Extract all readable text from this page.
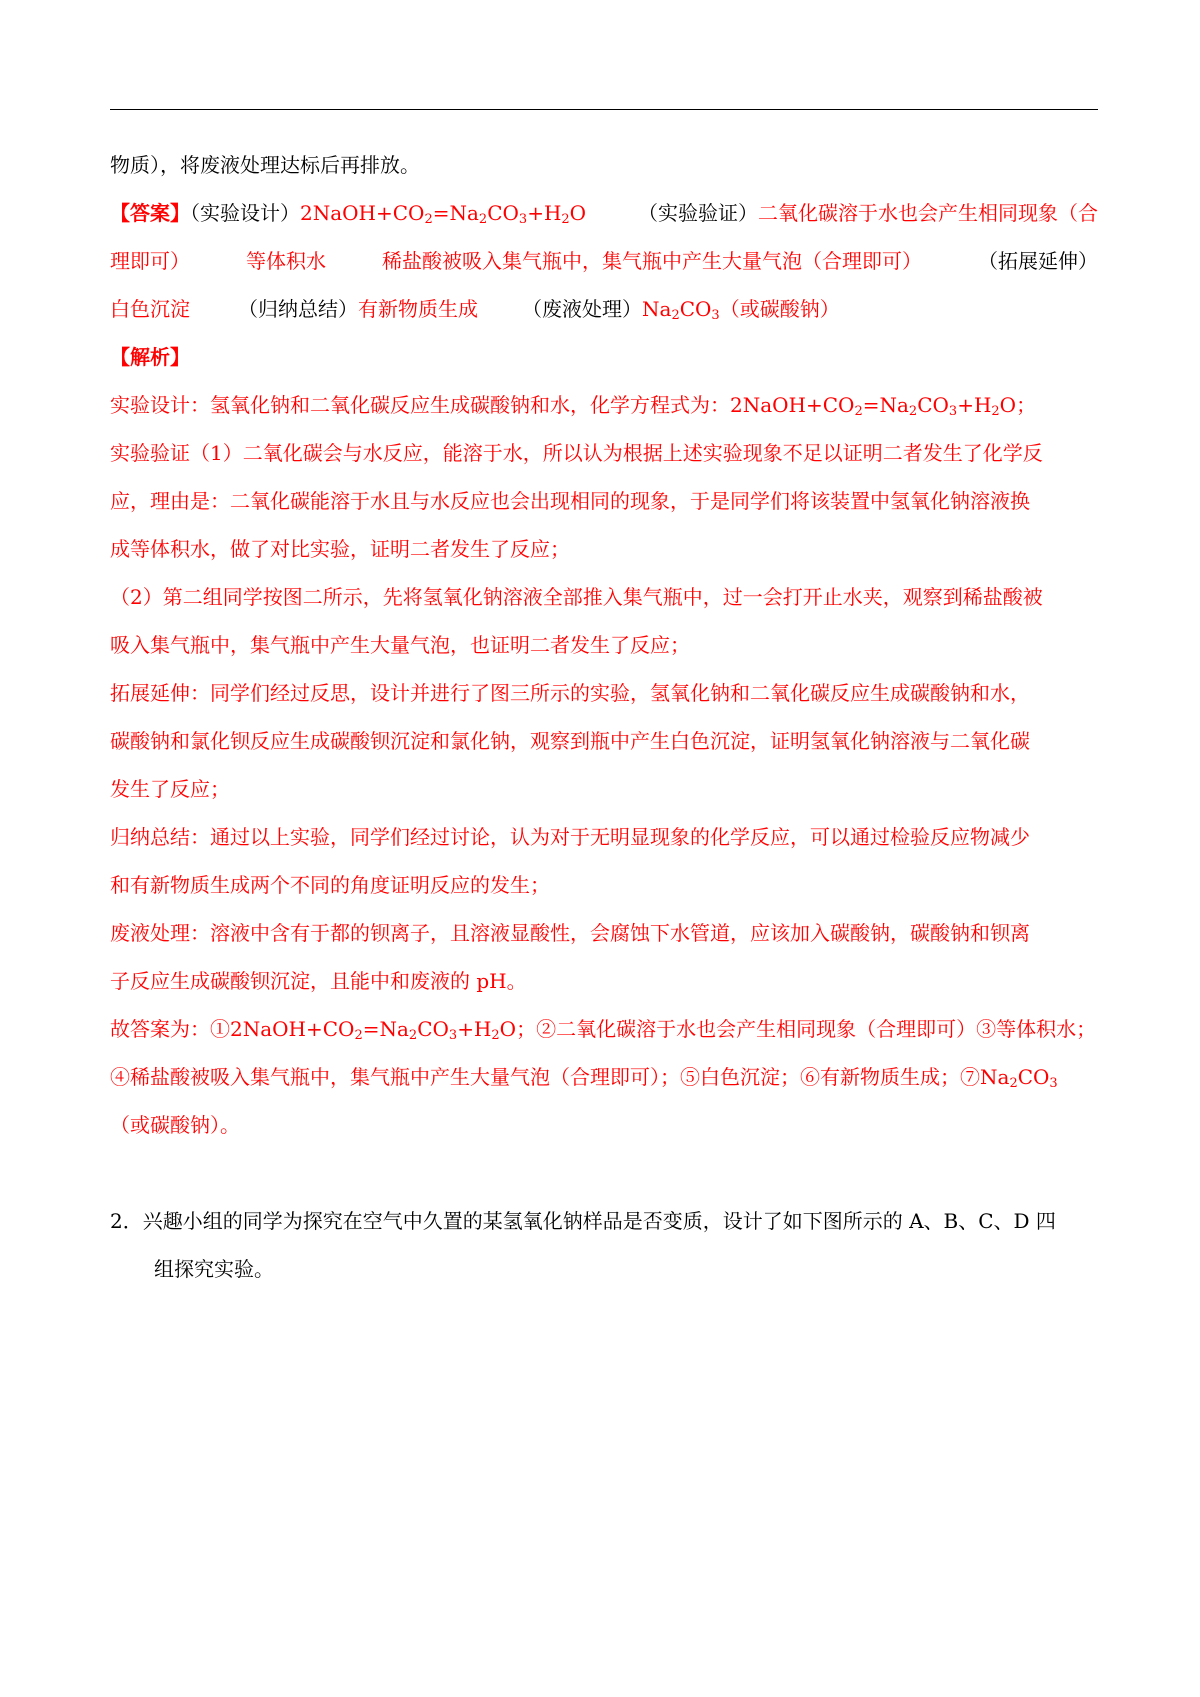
物质），将废液处理达标后再排放。
【答案】（实验设计）$2NaOH+CO_2=Na_2CO_3+H_2O$	（实验验证）二氧化碳溶于水也会产生相同现象（合
理即可）	等体积水	稀盐酸被吸入集气瓶中，集气瓶中产生大量气泡（合理即可）	（拓展延伸）
白色沉淀 （归纳总结）有新物质生成 （废液处理）$Na_2CO_3$（或碳酸钠）
【解析】
实验设计：氢氧化钠和二氧化碳反应生成碳酸钠和水，化学方程式为：$2NaOH+CO_2=Na_2CO_3+H_2O$；
实验验证（1）二氧化碳会与水反应，能溶于水，所以认为根据上述实验现象不足以证明二者发生了化学反
应，理由是：二氧化碳能溶于水且与水反应也会出现相同的现象，于是同学们将该装置中氢氧化钠溶液换
成等体积水，做了对比实验，证明二者发生了反应；
（2）第二组同学按图二所示，先将氢氧化钠溶液全部推入集气瓶中，过一会打开止水夹，观察到稀盐酸被
吸入集气瓶中，集气瓶中产生大量气泡，也证明二者发生了反应；
拓展延伸：同学们经过反思，设计并进行了图三所示的实验，氢氧化钠和二氧化碳反应生成碳酸钠和水，
碳酸钠和氯化钡反应生成碳酸钡沉淀和氯化钠，观察到瓶中产生白色沉淀，证明氢氧化钠溶液与二氧化碳
发生了反应；
归纳总结：通过以上实验，同学们经过讨论，认为对于无明显现象的化学反应，可以通过检验反应物减少
和有新物质生成两个不同的角度证明反应的发生；
废液处理：溶液中含有于都的钡离子，且溶液显酸性，会腐蚀下水管道，应该加入碳酸钠，碳酸钠和钡离
子反应生成碳酸钡沉淀，且能中和废液的 pH。
故答案为：$①2NaOH+CO_2=Na_2CO_3+H_2O$；②二氧化碳溶于水也会产生相同现象（合理即可）③等体积水；
④稀盐酸被吸入集气瓶中，集气瓶中产生大量气泡（合理即可）；⑤白色沉淀；⑥有新物质生成；$⑦Na_2CO_3$
（或碳酸钠）。
2．兴趣小组的同学为探究在空气中久置的某氢氧化钠样品是否变质，设计了如下图所示的 A、B、C、D 四
组探究实验。
